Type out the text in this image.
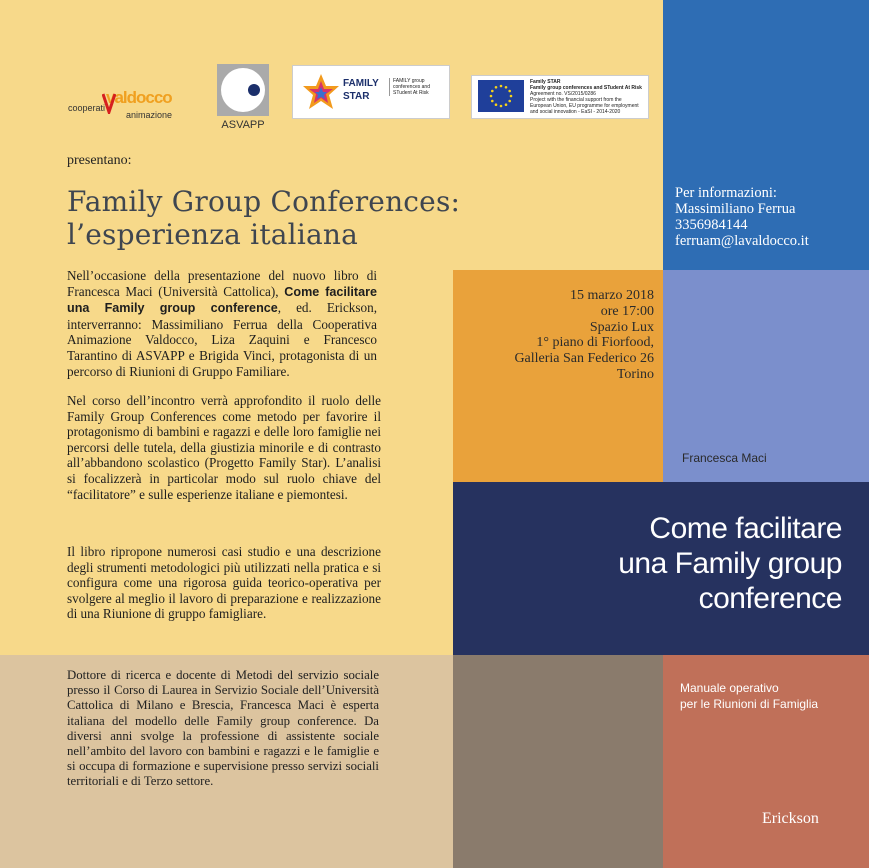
cooperati
valdocco
animazione
ASVAPP
FAMILY
STAR
FAMILY group conferences and STudent At Risk
Family STAR
Family group conferences and STudent At Risk
Agreement no. VS/2015/0286
Project with the financial support from the European Union, EU programme for employment and social innovation - EaSI - 2014-2020
presentano:
Family Group Conferences:
l’esperienza italiana

Nell’occasione della presentazione del nuovo libro di Francesca Maci (Università Cattolica), Come facilitare una Family group conference, ed. Erickson, interverranno: Massimiliano Ferrua della Cooperativa Animazione Valdocco, Liza Zaquini e Francesco Tarantino di ASVAPP e Brigida Vinci, protagonista di un percorso di Riunioni di Gruppo Familiare.

Nel corso dell’incontro verrà approfondito il ruolo delle Family Group Conferences come metodo per favorire il protagonismo di bambini e ragazzi e delle loro famiglie nei percorsi delle tutela, della giustizia minorile e di contrasto all’abbandono scolastico (Progetto Family Star). L’analisi si focalizzerà in particolar modo sul ruolo chiave del “facilitatore” e sulle esperienze italiane e piemontesi.

Il libro ripropone numerosi casi studio e una descrizione degli strumenti metodologici più utilizzati nella pratica e si configura come una rigorosa guida teorico-operativa per svolgere al meglio il lavoro di preparazione e realizzazione di una Riunione di gruppo famigliare.

Per informazioni:
Massimiliano Ferrua
3356984144
ferruam@lavaldocco.it
15 marzo 2018
ore 17:00
Spazio Lux
1° piano di Fiorfood,
Galleria San Federico 26
Torino
Francesca Maci
Come facilitare
una Family group
conference
Manuale operativo
per le Riunioni di Famiglia
Erickson
Dottore di ricerca e docente di Metodi del servizio sociale presso il Corso di Laurea in Servizio Sociale dell’Università Cattolica di Milano e Brescia, Francesca Maci è esperta italiana del modello delle Family group conference. Da diversi anni svolge la professione di assistente sociale nell’ambito del lavoro con bambini e ragazzi e le famiglie e si occupa di formazione e supervisione presso servizi sociali territoriali e di Terzo settore.
